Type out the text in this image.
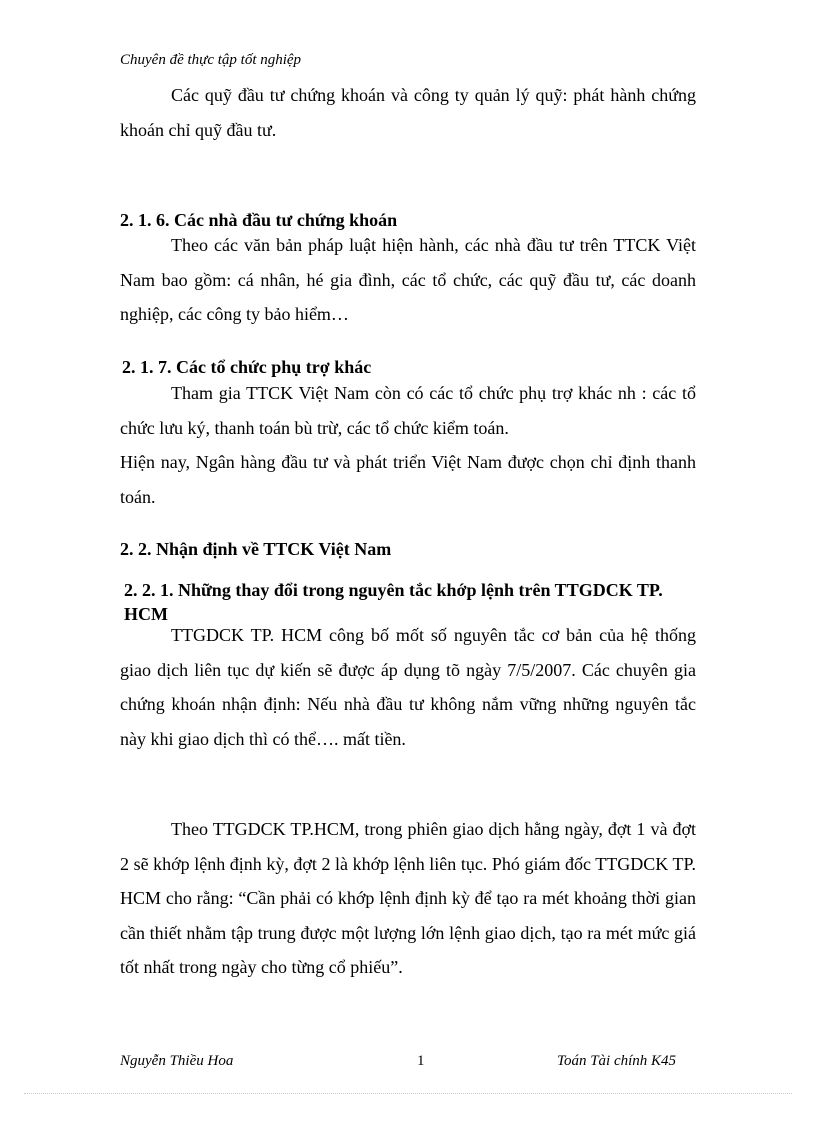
Chuyên đề thực tập tốt nghiệp
Các quỹ đầu tư chứng khoán và công ty quản lý quỹ: phát hành chứng khoán chỉ quỹ đầu tư.
2. 1. 6. Các nhà đầu tư chứng khoán
Theo các văn bản pháp luật hiện hành, các nhà đầu tư trên TTCK Việt Nam bao gồm: cá nhân, hé gia đình, các tổ chức, các quỹ đầu tư, các doanh nghiệp, các công ty bảo hiểm…
2. 1. 7. Các tổ chức phụ trợ khác
Tham gia TTCK Việt Nam còn có các tổ chức phụ trợ khác nh : các tổ chức lưu ký, thanh toán bù trừ, các tổ chức kiểm toán.
Hiện nay, Ngân hàng đầu tư và phát triển Việt Nam được chọn chỉ định thanh toán.
2. 2. Nhận định về TTCK Việt Nam
2. 2. 1. Những thay đổi trong nguyên tắc khớp lệnh trên TTGDCK TP. HCM
TTGDCK TP. HCM công bố mốt số nguyên tắc cơ bản của hệ thống giao dịch liên tục dự kiến sẽ được áp dụng tõ ngày 7/5/2007. Các chuyên gia chứng khoán nhận định: Nếu nhà đầu tư không nắm vững những nguyên tắc này khi giao dịch thì có thể…. mất tiền.
Theo TTGDCK TP.HCM, trong phiên giao dịch hằng ngày, đợt 1 và đợt 2 sẽ khớp lệnh định kỳ, đợt 2 là khớp lệnh liên tục. Phó giám đốc TTGDCK TP. HCM cho rằng: “Cần phải có khớp lệnh định kỳ để tạo ra mét khoảng thời gian cần thiết nhằm tập trung được một lượng lớn lệnh giao dịch, tạo ra mét mức giá tốt nhất trong ngày cho từng cổ phiếu”.
Nguyễn Thiều Hoa	1	Toán Tài chính K45
